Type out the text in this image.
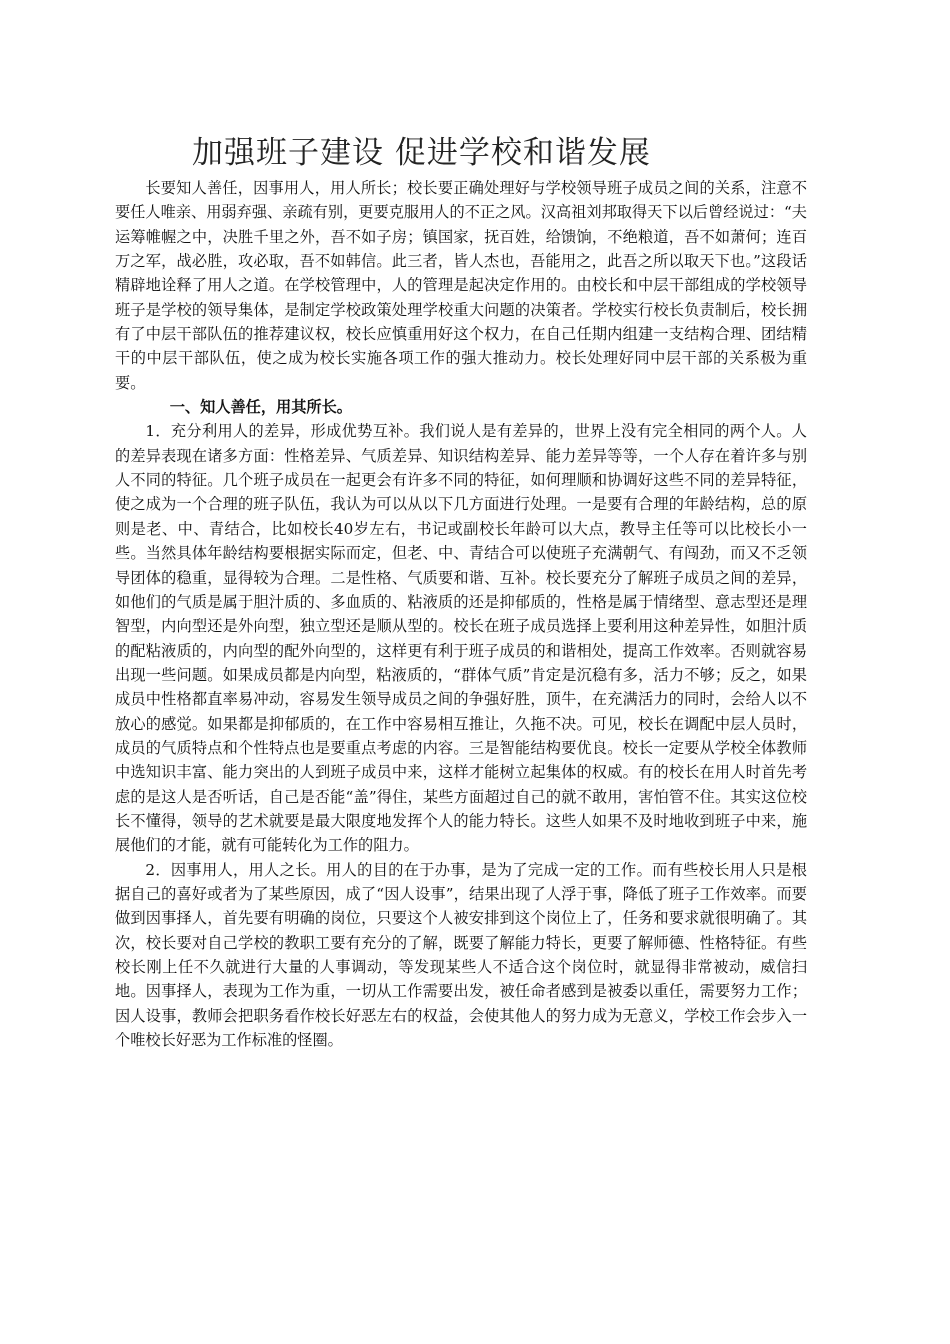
加强班子建设 促进学校和谐发展

长要知人善任，因事用人，用人所长；校长要正确处理好与学校领导班子成员之间的关系，注意不要任人唯亲、用弱弃强、亲疏有别，更要克服用人的不正之风。汉高祖刘邦取得天下以后曾经说过：“夫运筹帷幄之中，决胜千里之外，吾不如子房；镇国家，抚百姓，给馈饷，不绝粮道，吾不如萧何；连百万之军，战必胜，攻必取，吾不如韩信。此三者，皆人杰也，吾能用之，此吾之所以取天下也。”这段话精辟地诠释了用人之道。在学校管理中，人的管理是起决定作用的。由校长和中层干部组成的学校领导班子是学校的领导集体，是制定学校政策处理学校重大问题的决策者。学校实行校长负责制后，校长拥有了中层干部队伍的推荐建议权，校长应慎重用好这个权力，在自己任期内组建一支结构合理、团结精干的中层干部队伍，使之成为校长实施各项工作的强大推动力。校长处理好同中层干部的关系极为重要。

一、知人善任，用其所长。

1．充分利用人的差异，形成优势互补。我们说人是有差异的，世界上没有完全相同的两个人。人的差异表现在诸多方面：性格差异、气质差异、知识结构差异、能力差异等等，一个人存在着许多与别人不同的特征。几个班子成员在一起更会有许多不同的特征，如何理顺和协调好这些不同的差异特征，使之成为一个合理的班子队伍，我认为可以从以下几方面进行处理。一是要有合理的年龄结构，总的原则是老、中、青结合，比如校长40岁左右，书记或副校长年龄可以大点，教导主任等可以比校长小一些。当然具体年龄结构要根据实际而定，但老、中、青结合可以使班子充满朝气、有闯劲，而又不乏领导团体的稳重，显得较为合理。二是性格、气质要和谐、互补。校长要充分了解班子成员之间的差异，如他们的气质是属于胆汁质的、多血质的、粘液质的还是抑郁质的，性格是属于情绪型、意志型还是理智型，内向型还是外向型，独立型还是顺从型的。校长在班子成员选择上要利用这种差异性，如胆汁质的配粘液质的，内向型的配外向型的，这样更有利于班子成员的和谐相处，提高工作效率。否则就容易出现一些问题。如果成员都是内向型，粘液质的，“群体气质”肯定是沉稳有多，活力不够；反之，如果成员中性格都直率易冲动，容易发生领导成员之间的争强好胜，顶牛，在充满活力的同时，会给人以不放心的感觉。如果都是抑郁质的，在工作中容易相互推让，久拖不决。可见，校长在调配中层人员时，成员的气质特点和个性特点也是要重点考虑的内容。三是智能结构要优良。校长一定要从学校全体教师中选知识丰富、能力突出的人到班子成员中来，这样才能树立起集体的权威。有的校长在用人时首先考虑的是这人是否听话，自己是否能“盖”得住，某些方面超过自己的就不敢用，害怕管不住。其实这位校长不懂得，领导的艺术就要是最大限度地发挥个人的能力特长。这些人如果不及时地收到班子中来，施展他们的才能，就有可能转化为工作的阻力。

2．因事用人，用人之长。用人的目的在于办事，是为了完成一定的工作。而有些校长用人只是根据自己的喜好或者为了某些原因，成了“因人设事”，结果出现了人浮于事，降低了班子工作效率。而要做到因事择人，首先要有明确的岗位，只要这个人被安排到这个岗位上了，任务和要求就很明确了。其次，校长要对自己学校的教职工要有充分的了解，既要了解能力特长，更要了解师德、性格特征。有些校长刚上任不久就进行大量的人事调动，等发现某些人不适合这个岗位时，就显得非常被动，威信扫地。因事择人，表现为工作为重，一切从工作需要出发，被任命者感到是被委以重任，需要努力工作；因人设事，教师会把职务看作校长好恶左右的权益，会使其他人的努力成为无意义，学校工作会步入一个唯校长好恶为工作标准的怪圈。
